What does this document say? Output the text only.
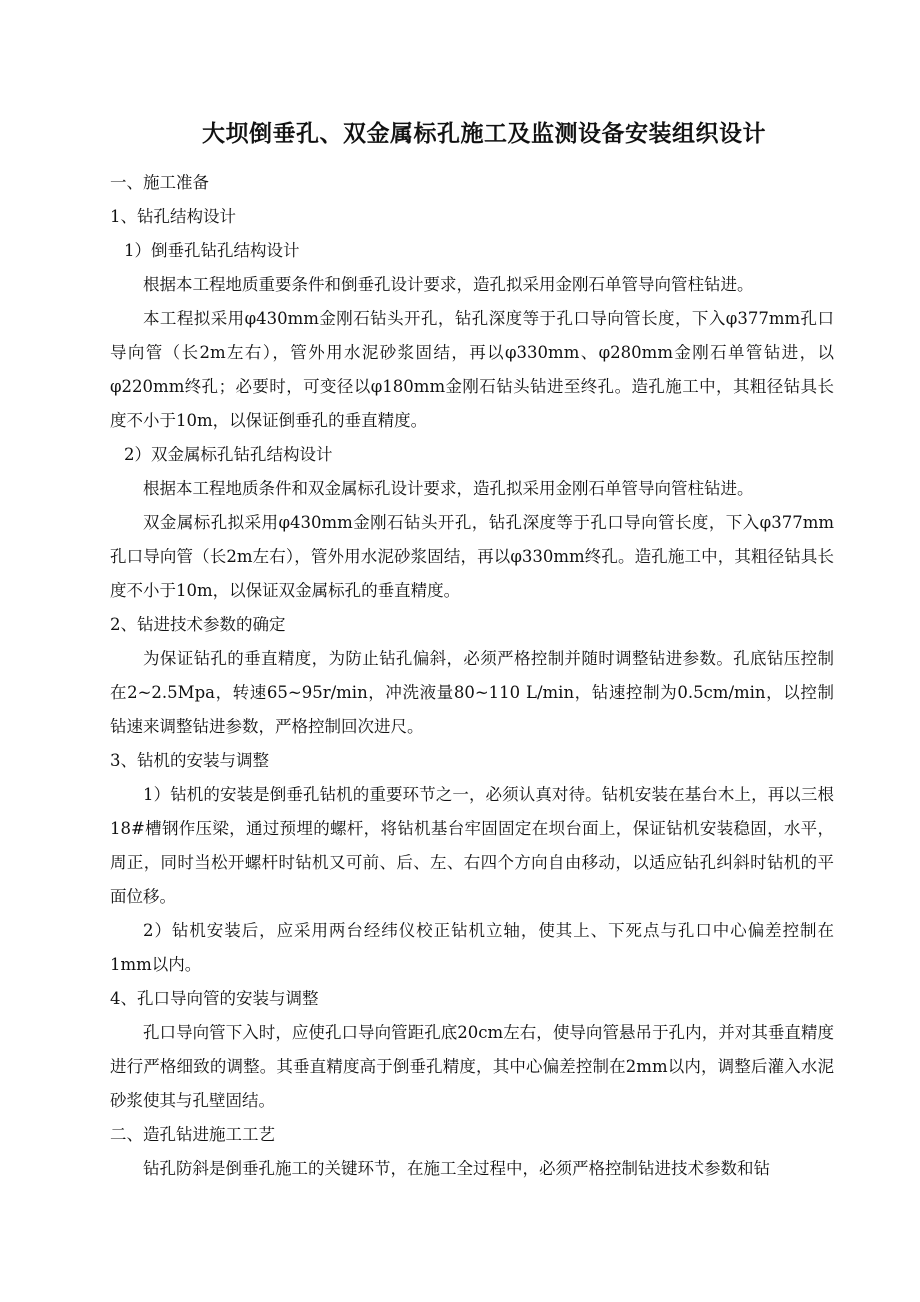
大坝倒垂孔、双金属标孔施工及监测设备安装组织设计
一、施工准备
1、钻孔结构设计
1）倒垂孔钻孔结构设计

根据本工程地质重要条件和倒垂孔设计要求，造孔拟采用金刚石单管导向管柱钻进。

本工程拟采用φ430mm金刚石钻头开孔，钻孔深度等于孔口导向管长度，下入φ377mm孔口导向管（长2m左右），管外用水泥砂浆固结，再以φ330mm、φ280mm金刚石单管钻进，以φ220mm终孔；必要时，可变径以φ180mm金刚石钻头钻进至终孔。造孔施工中，其粗径钻具长度不小于10m，以保证倒垂孔的垂直精度。

2）双金属标孔钻孔结构设计

根据本工程地质条件和双金属标孔设计要求，造孔拟采用金刚石单管导向管柱钻进。

双金属标孔拟采用φ430mm金刚石钻头开孔，钻孔深度等于孔口导向管长度，下入φ377mm孔口导向管（长2m左右），管外用水泥砂浆固结，再以φ330mm终孔。造孔施工中，其粗径钻具长度不小于10m，以保证双金属标孔的垂直精度。

2、钻进技术参数的确定

为保证钻孔的垂直精度，为防止钻孔偏斜，必须严格控制并随时调整钻进参数。孔底钻压控制在2~2.5Mpa，转速65~95r/min，冲洗液量80~110 L/min，钻速控制为0.5cm/min，以控制钻速来调整钻进参数，严格控制回次进尺。

3、钻机的安装与调整

1）钻机的安装是倒垂孔钻机的重要环节之一，必须认真对待。钻机安装在基台木上，再以三根18#槽钢作压梁，通过预埋的螺杆，将钻机基台牢固固定在坝台面上，保证钻机安装稳固，水平，周正，同时当松开螺杆时钻机又可前、后、左、右四个方向自由移动，以适应钻孔纠斜时钻机的平面位移。

2）钻机安装后，应采用两台经纬仪校正钻机立轴，使其上、下死点与孔口中心偏差控制在1mm以内。

4、孔口导向管的安装与调整

孔口导向管下入时，应使孔口导向管距孔底20cm左右，使导向管悬吊于孔内，并对其垂直精度进行严格细致的调整。其垂直精度高于倒垂孔精度，其中心偏差控制在2mm以内，调整后灌入水泥砂浆使其与孔壁固结。

二、造孔钻进施工工艺

钻孔防斜是倒垂孔施工的关键环节，在施工全过程中，必须严格控制钻进技术参数和钻
